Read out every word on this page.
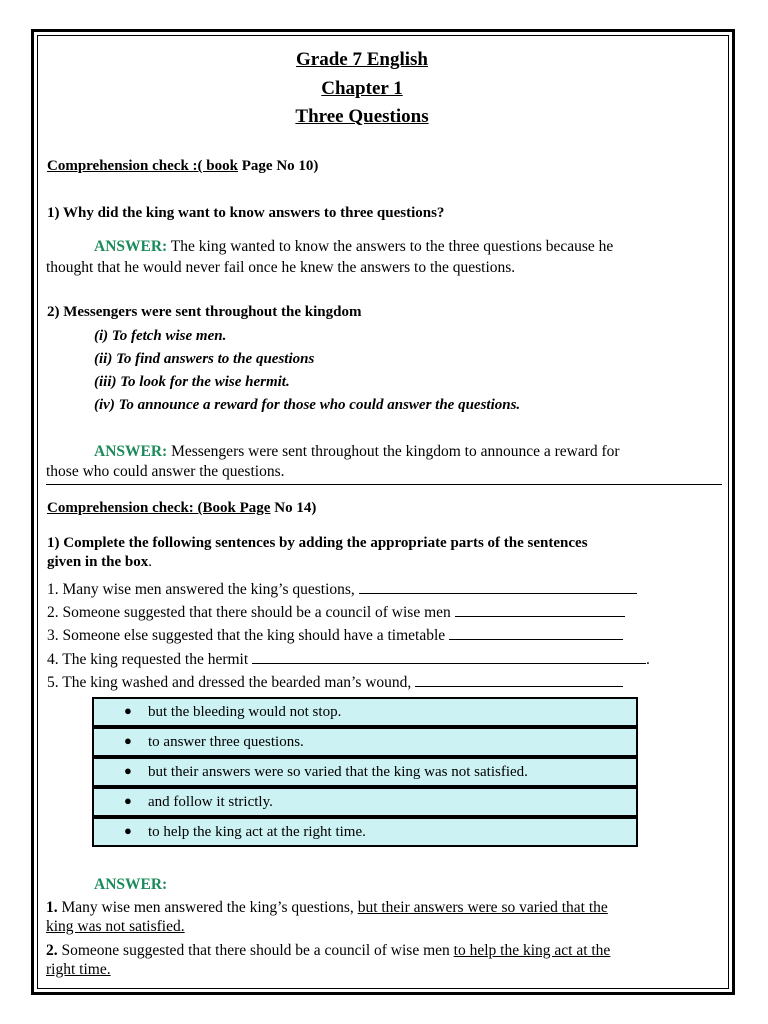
Grade 7 English
Chapter 1
Three Questions
Comprehension check :( book Page No 10)
1) Why did the king want to know answers to three questions?
ANSWER: The king wanted to know the answers to the three questions because he
thought that he would never fail once he knew the answers to the questions.
2) Messengers were sent throughout the kingdom
(i) To fetch wise men.
(ii) To find answers to the questions
(iii) To look for the wise hermit.
(iv) To announce a reward for those who could answer the questions.
ANSWER: Messengers were sent throughout the kingdom to announce a reward for
those who could answer the questions.
Comprehension check: (Book Page No 14)
1) Complete the following sentences by adding the appropriate parts of the sentences
given in the box.
1. Many wise men answered the king’s questions,
2. Someone suggested that there should be a council of wise men
3. Someone else suggested that the king should have a timetable
4. The king requested the hermit	.
5. The king washed and dressed the bearded man’s wound,
● but the bleeding would not stop.
● to answer three questions.
● but their answers were so varied that the king was not satisfied.
● and follow it strictly.
● to help the king act at the right time.
ANSWER:
1. Many wise men answered the king’s questions, but their answers were so varied that the
king was not satisfied.
2. Someone suggested that there should be a council of wise men to help the king act at the
right time.
